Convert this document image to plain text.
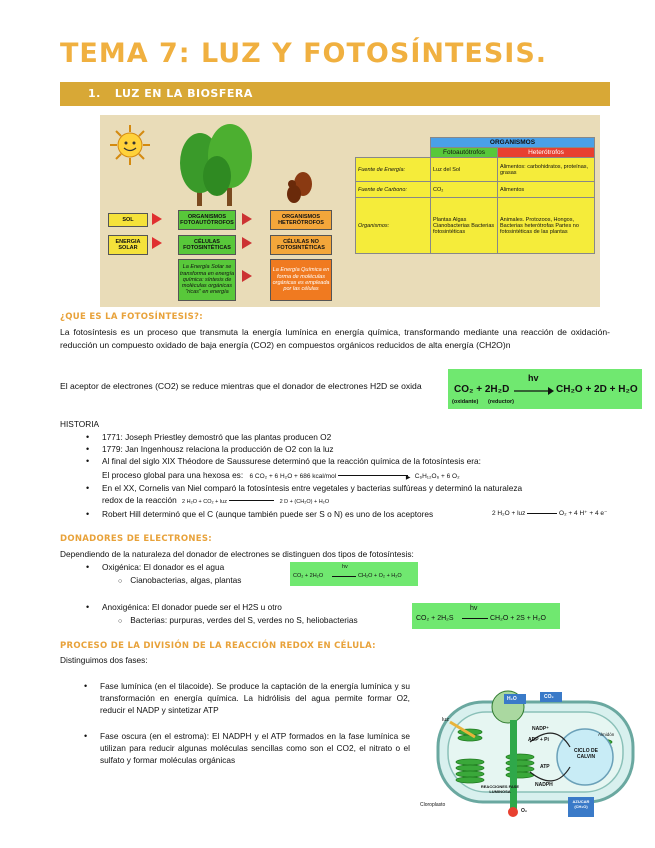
TEMA 7: LUZ Y FOTOSÍNTESIS.
1. LUZ EN LA BIOSFERA
SOL
ENERGIA SOLAR
ORGANISMOS FOTOAUTÓTROFOS
CÉLULAS FOTOSINTÉTICAS
La Energía Solar se transforma en energía química: síntesis de moléculas orgánicas "ricas" en energía
ORGANISMOS HETERÓTROFOS
CÉLULAS NO FOTOSINTÉTICAS
La Energía Química en forma de moléculas orgánicas es empleada por las células
	ORGANISMOS	
	Fotoautótrofos	Heterótrofos
Fuente de Energía:	Luz del Sol	Alimentos: carbohidratos, proteínas, grasas
Fuente de Carbono:	CO₂	Alimentos
Organismos:	Plantas Algas Cianobacterias Bacterias fotosintéticas	Animales. Protozoos, Hongos, Bacterias heterótrofas Partes no fotosintéticas de las plantas
¿QUE ES LA FOTOSÍNTESIS?:
La fotosíntesis es un proceso que transmuta la energía lumínica en energía química, transformando mediante una reacción de oxidación-reducción un compuesto oxidado de baja energía (CO2) en compuestos orgánicos reducidos de alta energía (CH2O)n
El aceptor de electrones (CO2) se reduce mientras que el donador de electrones H2D se oxida	CO₂ + 2H₂D
hv
→ CH₂O + 2D + H₂O
(oxidante) (reductor)
HISTORIA
• 1771: Joseph Priestley demostró que las plantas producen O2
• 1779: Jan Ingenhousz relaciona la producción de O2 con la luz
• Al final del siglo XIX Théodore de Saussurese determinó que la reacción química de la fotosíntesis era:
El proceso global para una hexosa es: 6 CO₂ + 6 H₂O + 686 kcal/mol	▶ C₆H₁₂O₆ + 6 O₂
• En el XX, Cornelis van Niel comparó la fotosíntesis entre vegetales y bacterias sulfúreas y determinó la naturaleza
redox de la reacción 2 H₂O + CO₂ + luz	2 D + (CH₂O) + H₂O
• Robert Hill determinó que el C (aunque también puede ser S o N) es uno de los aceptores	2 H₂O + luz	O₂ + 4 H⁺ + 4 e⁻
DONADORES DE ELECTRONES:
Dependiendo de la naturaleza del donador de electrones se distinguen dos tipos de fotosíntesis:
• Oxigénica: El donador es el agua
○ Cianobacterias, algas, plantas	CO₂ + 2H₂O
hv
CH₂O + O₂ + H₂O
• Anoxigénica: El donador puede ser el H2S u otro
○ Bacterias: purpuras, verdes del S, verdes no S, heliobacterias	CO₂ + 2H₂S
hv
CH₂O + 2S + H₂O
PROCESO DE LA DIVISIÓN DE LA REACCIÓN REDOX EN CÉLULA:
Distinguimos dos fases:
• Fase lumínica (en el tilacoide). Se produce la captación de la energía lumínica y su transformación en energía química. La hidrólisis del agua permite formar O2, reducir el NADP y sintetizar ATP
• Fase oscura (en el estroma): El NADPH y el ATP formados en la fase lumínica se utilizan para reducir algunas moléculas sencillas como son el CO2, el nitrato o el sulfato y formar moléculas orgánicas
H₂O	CO₂
luz
NADP⁺
ADP + Pi
REACCIONES FASE LUMINOSA
CICLO DE CALVIN
ATP
NADPH
O₂
Almidón
AZUCAR (CH₂O)
Cloroplasto
